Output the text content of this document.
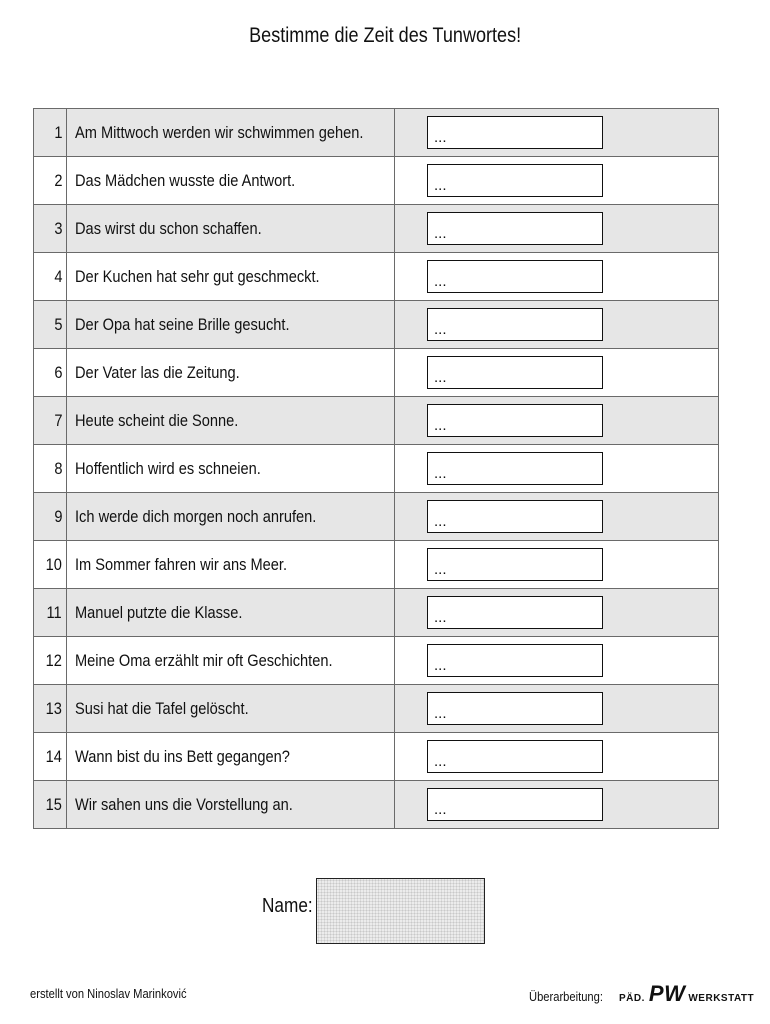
Bestimme die Zeit des Tunwortes!
1	Am Mittwoch werden wir schwimmen gehen.	...

2	Das Mädchen wusste die Antwort.	...

3	Das wirst du schon schaffen.	...

4	Der Kuchen hat sehr gut geschmeckt.	...

5	Der Opa hat seine Brille gesucht.	...

6	Der Vater las die Zeitung.	...

7	Heute scheint die Sonne.	...

8	Hoffentlich wird es schneien.	...

9	Ich werde dich morgen noch anrufen.	...

10	Im Sommer fahren wir ans Meer.	...

11	Manuel putzte die Klasse.	...

12	Meine Oma erzählt mir oft Geschichten.	...

13	Susi hat die Tafel gelöscht.	...

14	Wann bist du ins Bett gegangen?	...

15	Wir sahen uns die Vorstellung an.	...
Name:
erstellt von Ninoslav Marinković	Überarbeitung: PÄD. PW WERKSTATT
